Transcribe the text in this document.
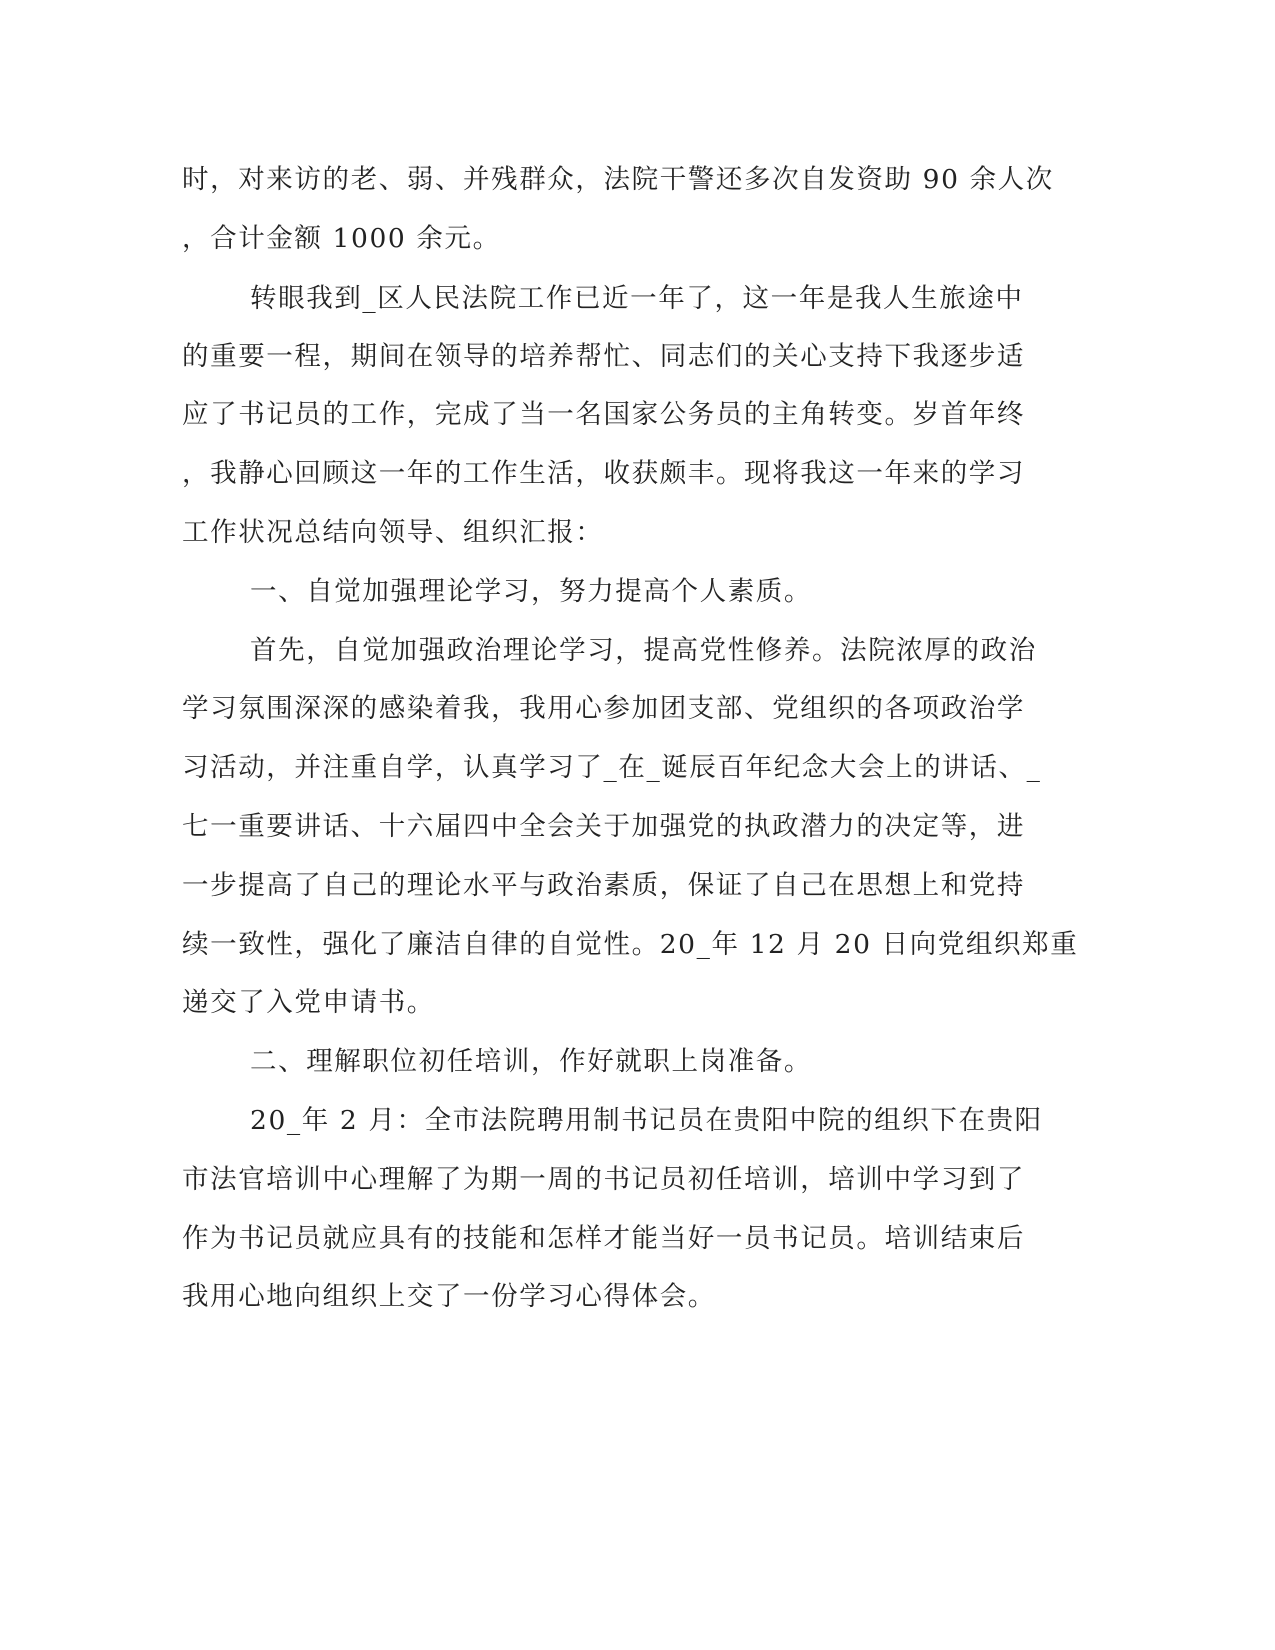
时，对来访的老、弱、并残群众，法院干警还多次自发资助 90 余人次
，合计金额 1000 余元。
转眼我到_区人民法院工作已近一年了，这一年是我人生旅途中
的重要一程，期间在领导的培养帮忙、同志们的关心支持下我逐步适
应了书记员的工作，完成了当一名国家公务员的主角转变。岁首年终
，我静心回顾这一年的工作生活，收获颇丰。现将我这一年来的学习
工作状况总结向领导、组织汇报：
一、自觉加强理论学习，努力提高个人素质。
首先，自觉加强政治理论学习，提高党性修养。法院浓厚的政治
学习氛围深深的感染着我，我用心参加团支部、党组织的各项政治学
习活动，并注重自学，认真学习了_在_诞辰百年纪念大会上的讲话、_
七一重要讲话、十六届四中全会关于加强党的执政潜力的决定等，进
一步提高了自己的理论水平与政治素质，保证了自己在思想上和党持
续一致性，强化了廉洁自律的自觉性。20_年 12 月 20 日向党组织郑重
递交了入党申请书。
二、理解职位初任培训，作好就职上岗准备。
20_年 2 月：全市法院聘用制书记员在贵阳中院的组织下在贵阳
市法官培训中心理解了为期一周的书记员初任培训，培训中学习到了
作为书记员就应具有的技能和怎样才能当好一员书记员。培训结束后
我用心地向组织上交了一份学习心得体会。
